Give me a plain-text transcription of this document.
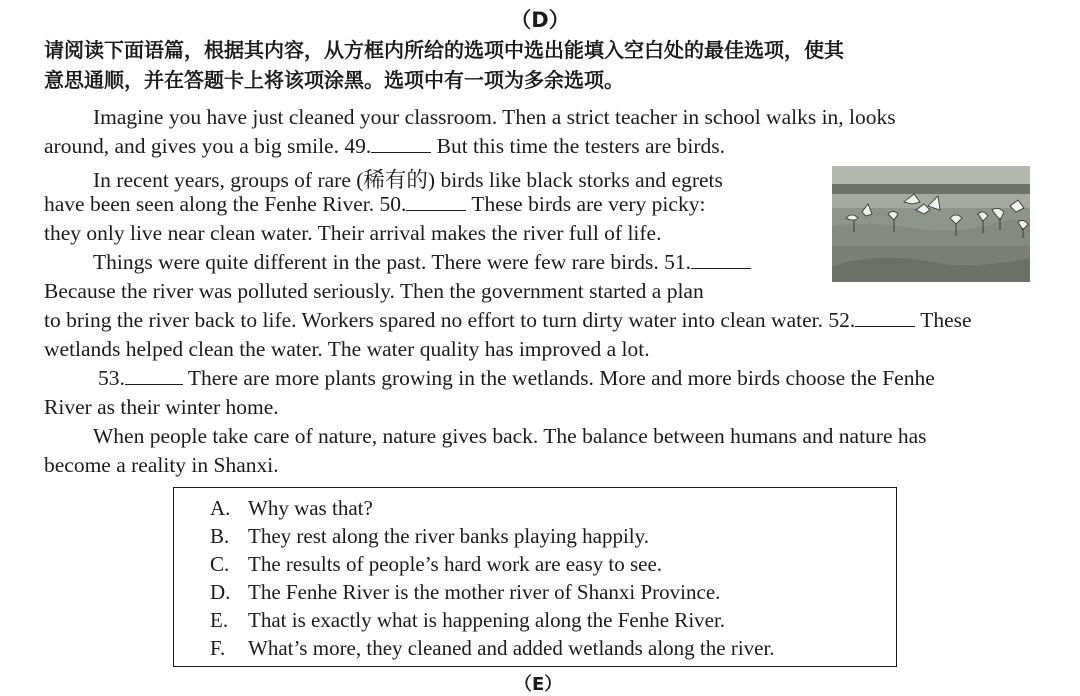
（D）
请阅读下面语篇，根据其内容，从方框内所给的选项中选出能填入空白处的最佳选项，使其
意思通顺，并在答题卡上将该项涂黑。选项中有一项为多余选项。
Imagine you have just cleaned your classroom. Then a strict teacher in school walks in, looks
around, and gives you a big smile. 49.	But this time the testers are birds.
In recent years, groups of rare (稀有的) birds like black storks and egrets
have been seen along the Fenhe River. 50.	These birds are very picky:
they only live near clean water. Their arrival makes the river full of life.
Things were quite different in the past. There were few rare birds. 51.
Because the river was polluted seriously. Then the government started a plan
to bring the river back to life. Workers spared no effort to turn dirty water into clean water. 52.	These
wetlands helped clean the water. The water quality has improved a lot.
53.	There are more plants growing in the wetlands. More and more birds choose the Fenhe
River as their winter home.
When people take care of nature, nature gives back. The balance between humans and nature has
become a reality in Shanxi.
A. Why was that?
B. They rest along the river banks playing happily.
C. The results of people’s hard work are easy to see.
D. The Fenhe River is the mother river of Shanxi Province.
E. That is exactly what is happening along the Fenhe River.
F. What’s more, they cleaned and added wetlands along the river.
（E）
